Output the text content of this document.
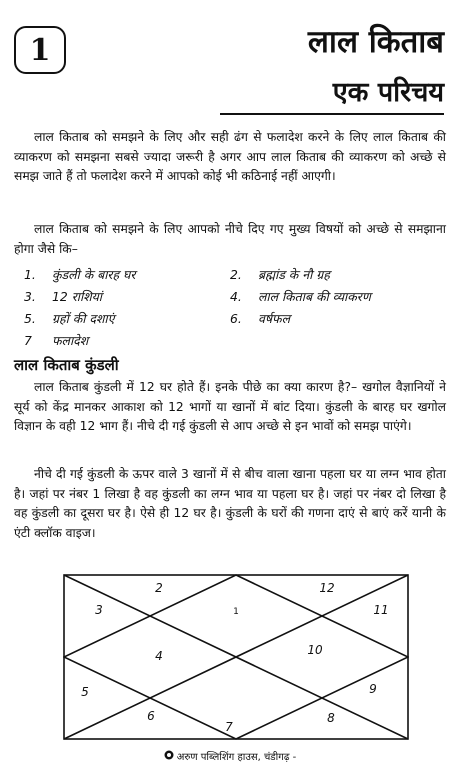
1	लाल किताब
एक परिचय

लाल किताब को समझने के लिए और सही ढंग से फलादेश करने के लिए लाल किताब की व्याकरण को समझना सबसे ज्यादा जरूरी है अगर आप लाल किताब की व्याकरण को अच्छे से समझ जाते हैं तो फलादेश करने में आपको कोई भी कठिनाई नहीं आएगी।

लाल किताब को समझने के लिए आपको नीचे दिए गए मुख्य विषयों को अच्छे से समझाना होगा जैसे कि–

1. कुंडली के बारह घर	2. ब्रह्मांड के नौ ग्रह
3. 12 राशियां	4. लाल किताब की व्याकरण
5. ग्रहों की दशाएं	6. वर्षफल
7 फलादेश
लाल किताब कुंडली

लाल किताब कुंडली में 12 घर होते हैं। इनके पीछे का क्या कारण है?– खगोल वैज्ञानियों ने सूर्य को केंद्र मानकर आकाश को 12 भागों या खानों में बांट दिया। कुंडली के बारह घर खगोल विज्ञान के वही 12 भाग हैं। नीचे दी गई कुंडली से आप अच्छे से इन भावों को समझ पाएंगे।

नीचे दी गई कुंडली के ऊपर वाले 3 खानों में से बीच वाला खाना पहला घर या लग्न भाव होता है। जहां पर नंबर 1 लिखा है वह कुंडली का लग्न भाव या पहला घर है। जहां पर नंबर दो लिखा है वह कुंडली का दूसरा घर है। ऐसे ही 12 घर है। कुंडली के घरों की गणना दाएं से बाएं करें यानी के एंटी क्लॉक वाइज।

1
2
3
4
5
6
7
8
9
10
11
12
अरुण पब्लिशिंग हाउस, चंडीगढ़ -
